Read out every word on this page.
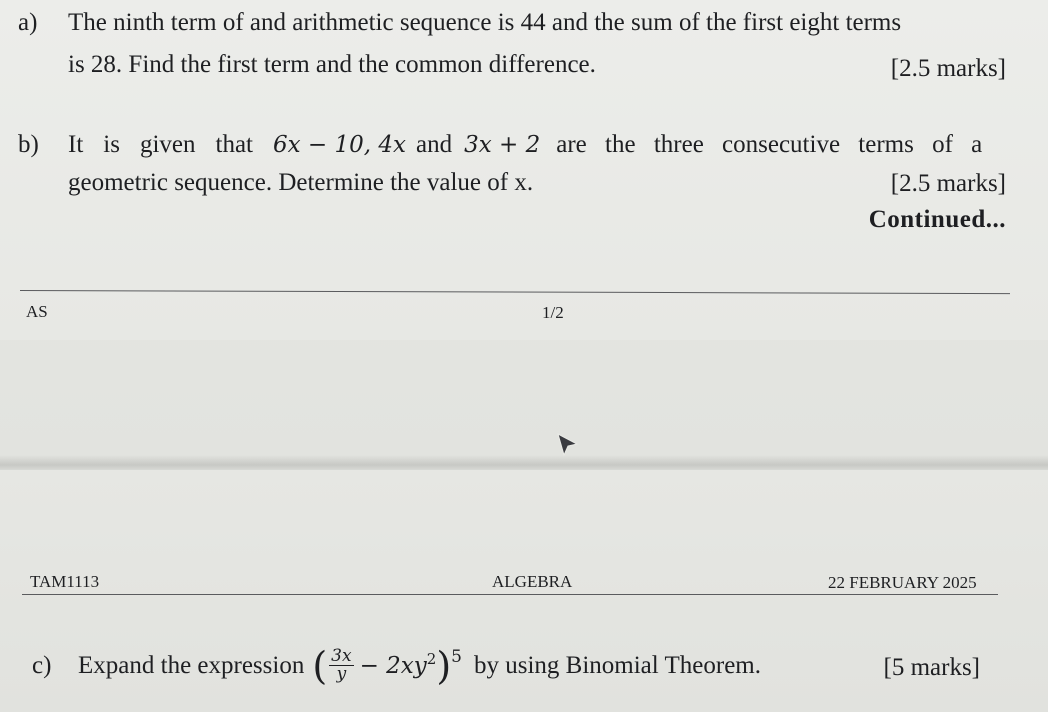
a) The ninth term of and arithmetic sequence is 44 and the sum of the first eight terms
is 28. Find the first term and the common difference.	[2.5 marks]
b)	It is given that 6x − 10, 4x and 3x + 2 are the three consecutive terms of a
geometric sequence. Determine the value of x.	[2.5 marks]
Continued...
AS	1/2
TAM1113	ALGEBRA	22 FEBRUARY 2025
c)	Expand the expression ( $\frac{3x}{y} - 2xy^2$ )$^5$ by using Binomial Theorem.	[5 marks]
